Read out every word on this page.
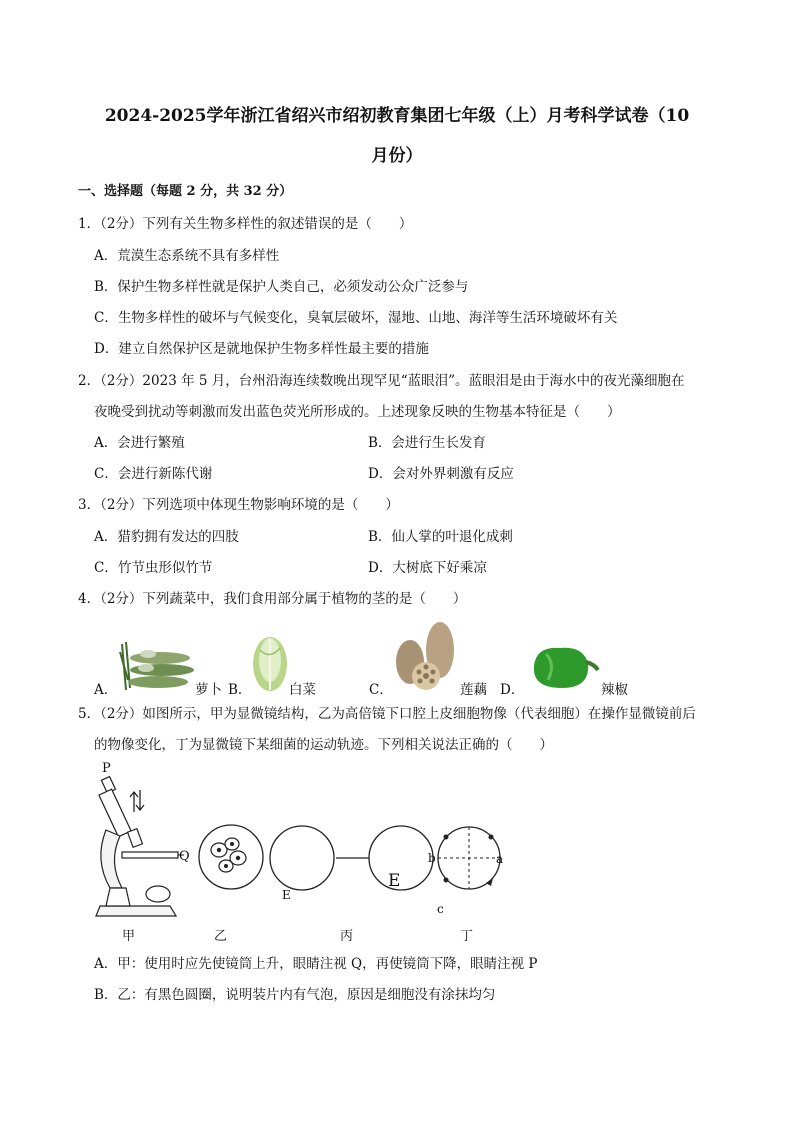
2024-2025学年浙江省绍兴市绍初教育集团七年级（上）月考科学试卷（10
月份）
一、选择题（每题 2 分，共 32 分）
1．（2分）下列有关生物多样性的叙述错误的是（　　）
A．荒漠生态系统不具有多样性
B．保护生物多样性就是保护人类自己，必须发动公众广泛参与
C．生物多样性的破坏与气候变化，臭氧层破坏，湿地、山地、海洋等生活环境破坏有关
D．建立自然保护区是就地保护生物多样性最主要的措施
2．（2分）2023 年 5 月，台州沿海连续数晚出现罕见“蓝眼泪”。蓝眼泪是由于海水中的夜光藻细胞在
夜晚受到扰动等刺激而发出蓝色荧光所形成的。上述现象反映的生物基本特征是（　　）
A．会进行繁殖	B．会进行生长发育
C．会进行新陈代谢	D．会对外界刺激有反应
3．（2分）下列选项中体现生物影响环境的是（　　）
A．猎豹拥有发达的四肢	B．仙人掌的叶退化成刺
C．竹节虫形似竹节	D．大树底下好乘凉
4．（2分）下列蔬菜中，我们食用部分属于植物的茎的是（　　）
A．	萝卜 B．	白菜	C．	莲藕 D．	辣椒
5．（2分）如图所示，甲为显微镜结构，乙为高倍镜下口腔上皮细胞物像（代表细胞）在操作显微镜前后
的物像变化，丁为显微镜下某细菌的运动轨迹。下列相关说法正确的（　　）
P
Q
E
E
b	a
c
甲	乙	丙	丁
A．甲：使用时应先使镜筒上升，眼睛注视 Q，再使镜筒下降，眼睛注视 P
B．乙：有黑色圆圈，说明装片内有气泡，原因是细胞没有涂抹均匀
